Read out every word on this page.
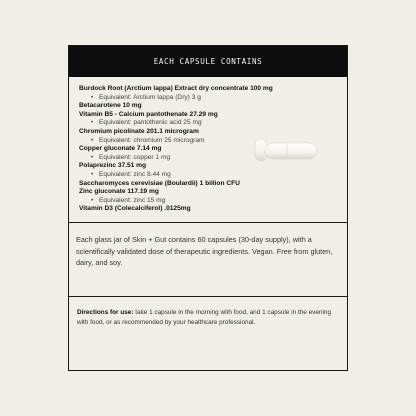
EACH CAPSULE CONTAINS
Burdock Root (Arctium lappa) Extract dry concentrate 100 mg
• Equivalent: Arctium lappa (Dry) 3 g
Betacarotene 10 mg
Vitamin B5 - Calcium pantothenate 27.29 mg
• Equivalent: pantothenic acid 25 mg
Chromium picolinate 201.1 microgram
• Equivalent: chromium 25 microgram
Copper gluconate 7.14 mg
• Equivalent: copper 1 mg
Polaprezinc 37.51 mg
• Equivalent: zinc 8.44 mg
Saccharomyces cerevisiae (Boulardii) 1 billion CFU
Zinc gluconate 117.19 mg
• Equivalent: zinc 15 mg
Vitamin D3 (Colecalciferol) .0125mg
Each glass jar of Skin + Gut contains 60 capsules (30-day supply), with a scientifically validated dose of therapeutic ingredients. Vegan. Free from gluten, dairy, and soy.
Directions for use: take 1 capsule in the morning with food, and 1 capsule in the evening with food, or as recommended by your healthcare professional.
